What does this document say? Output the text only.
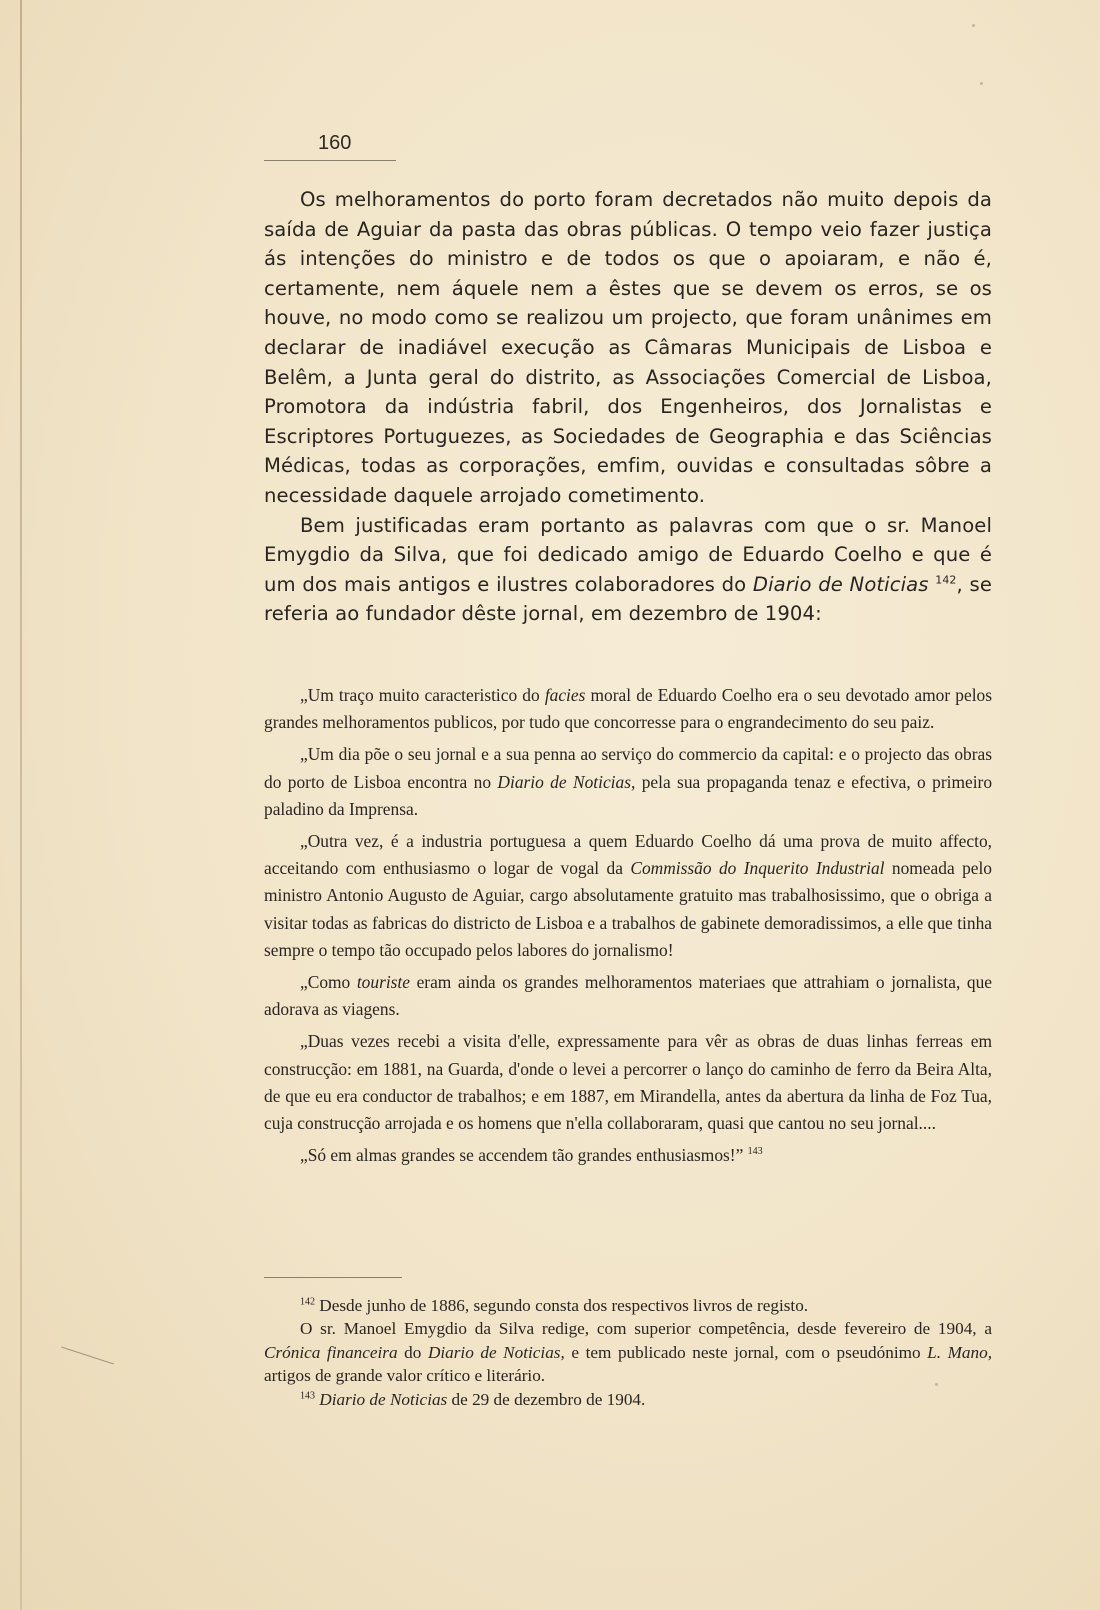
160

Os melhoramentos do porto foram decretados não muito depois da saída de Aguiar da pasta das obras públicas. O tempo veio fazer justiça ás intenções do ministro e de todos os que o apoiaram, e não é, certamente, nem áquele nem a êstes que se devem os erros, se os houve, no modo como se realizou um projecto, que foram unânimes em declarar de inadiável execução as Câmaras Municipais de Lisboa e Belêm, a Junta geral do distrito, as Associações Comercial de Lisboa, Promotora da indústria fabril, dos Engenheiros, dos Jornalistas e Escriptores Portuguezes, as Sociedades de Geographia e das Sciências Médicas, todas as corporações, emfim, ouvidas e consultadas sôbre a necessidade daquele arrojado cometimento.

Bem justificadas eram portanto as palavras com que o sr. Manoel Emygdio da Silva, que foi dedicado amigo de Eduardo Coelho e que é um dos mais antigos e ilustres colaboradores do Diario de Noticias $^{142}$, se referia ao fundador dêste jornal, em dezembro de 1904:

„Um traço muito caracteristico do facies moral de Eduardo Coelho era o seu devotado amor pelos grandes melhoramentos publicos, por tudo que concorresse para o engrandecimento do seu paiz.

„Um dia põe o seu jornal e a sua penna ao serviço do commercio da capital: e o projecto das obras do porto de Lisboa encontra no Diario de Noticias, pela sua propaganda tenaz e efectiva, o primeiro paladino da Imprensa.

„Outra vez, é a industria portuguesa a quem Eduardo Coelho dá uma prova de muito affecto, acceitando com enthusiasmo o logar de vogal da Commissão do Inquerito Industrial nomeada pelo ministro Antonio Augusto de Aguiar, cargo absolutamente gratuito mas trabalhosissimo, que o obriga a visitar todas as fabricas do districto de Lisboa e a trabalhos de gabinete demoradissimos, a elle que tinha sempre o tempo tão occupado pelos labores do jornalismo!

„Como touriste eram ainda os grandes melhoramentos materiaes que attrahiam o jornalista, que adorava as viagens.

„Duas vezes recebi a visita d'elle, expressamente para vêr as obras de duas linhas ferreas em construcção: em 1881, na Guarda, d'onde o levei a percorrer o lanço do caminho de ferro da Beira Alta, de que eu era conductor de trabalhos; e em 1887, em Mirandella, antes da abertura da linha de Foz Tua, cuja construcção arrojada e os homens que n'ella collaboraram, quasi que cantou no seu jornal....

„Só em almas grandes se accendem tão grandes enthusiasmos!” $^{143}$

$^{142}$ Desde junho de 1886, segundo consta dos respectivos livros de registo.

O sr. Manoel Emygdio da Silva redige, com superior competência, desde fevereiro de 1904, a Crónica financeira do Diario de Noticias, e tem publicado neste jornal, com o pseudónimo L. Mano, artigos de grande valor crítico e literário.

$^{143}$ Diario de Noticias de 29 de dezembro de 1904.
